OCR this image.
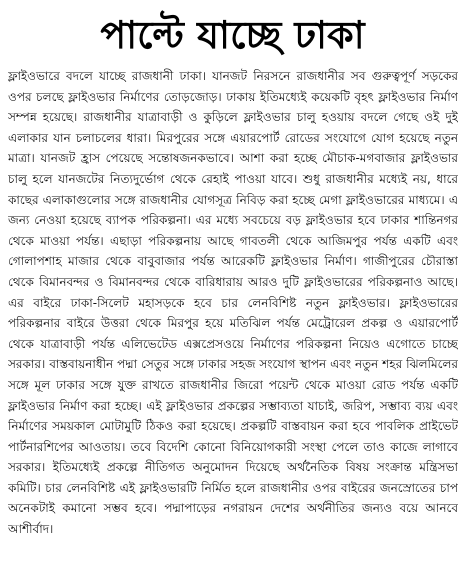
পাল্টে যাচ্ছে ঢাকা

ফ্লাইওভারে বদলে যাচ্ছে রাজধানী ঢাকা। যানজট নিরসনে রাজধানীর সব গুরুত্বপূর্ণ সড়কের ওপর চলছে ফ্লাইওভার নির্মাণের তোড়জোড়। ঢাকায় ইতিমধ্যেই কয়েকটি বৃহৎ ফ্লাইওভার নির্মাণ সম্পন্ন হয়েছে। রাজধানীর যাত্রাবাড়ী ও কুড়িলে ফ্লাইওভার চালু হওয়ায় বদলে গেছে ওই দুই এলাকার যান চলাচলের ধারা। মিরপুরের সঙ্গে এয়ারপোর্ট রোডের সংযোগে যোগ হয়েছে নতুন মাত্রা। যানজট হ্রাস পেয়েছে সন্তোষজনকভাবে। আশা করা হচ্ছে মৌচাক-মগবাজার ফ্লাইওভার চালু হলে যানজটের নিত্যদুর্ভোগ থেকে রেহাই পাওয়া যাবে। শুধু রাজধানীর মধ্যেই নয়, ধারে কাছের এলাকাগুলোর সঙ্গে রাজধানীর যোগসূত্র নিবিড় করা হচ্ছে মেগা ফ্লাইওভারের মাধ্যমে। এ জন্য নেওয়া হয়েছে ব্যাপক পরিকল্পনা। এর মধ্যে সবচেয়ে বড় ফ্লাইওভার হবে ঢাকার শান্তিনগর থেকে মাওয়া পর্যন্ত। এছাড়া পরিকল্পনায় আছে গাবতলী থেকে আজিমপুর পর্যন্ত একটি এবং গোলাপশাহ মাজার থেকে বাবুবাজার পর্যন্ত আরেকটি ফ্লাইওভার নির্মাণ। গাজীপুরের চৌরাস্তা থেকে বিমানবন্দর ও বিমানবন্দর থেকে বারিধারায় আরও দুটি ফ্লাইওভারের পরিকল্পনাও আছে। এর বাইরে ঢাকা-সিলেট মহাসড়কে হবে চার লেনবিশিষ্ট নতুন ফ্লাইওভার। ফ্লাইওভারের পরিকল্পনার বাইরে উত্তরা থেকে মিরপুর হয়ে মতিঝিল পর্যন্ত মেট্রোরেল প্রকল্প ও এয়ারপোর্ট থেকে যাত্রাবাড়ী পর্যন্ত এলিভেটেড এক্সপ্রেসওয়ে নির্মাণের পরিকল্পনা নিয়েও এগোতে চাচ্ছে সরকার। বাস্তবায়নাধীন পদ্মা সেতুর সঙ্গে ঢাকার সহজ সংযোগ স্থাপন এবং নতুন শহর ঝিলমিলের সঙ্গে মূল ঢাকার সঙ্গে যুক্ত রাখতে রাজধানীর জিরো পয়েন্ট থেকে মাওয়া রোড পর্যন্ত একটি ফ্লাইওভার নির্মাণ করা হচ্ছে। এই ফ্লাইওভার প্রকল্পের সম্ভাব্যতা যাচাই, জরিপ, সম্ভাব্য ব্যয় এবং নির্মাণের সময়কাল মোটামুটি ঠিকও করা হয়েছে। প্রকল্পটি বাস্তবায়ন করা হবে পাবলিক প্রাইভেট পার্টনারশিপের আওতায়। তবে বিদেশি কোনো বিনিয়োগকারী সংস্থা পেলে তাও কাজে লাগাবে সরকার। ইতিমধ্যেই প্রকল্পে নীতিগত অনুমোদন দিয়েছে অর্থনৈতিক বিষয় সংক্রান্ত মন্ত্রিসভা কমিটি। চার লেনবিশিষ্ট এই ফ্লাইওভারটি নির্মিত হলে রাজধানীর ওপর বাইরের জনস্রোতের চাপ অনেকটাই কমানো সম্ভব হবে। পদ্মাপাড়ের নগরায়ন দেশের অর্থনীতির জন্যও বয়ে আনবে আশীর্বাদ।
